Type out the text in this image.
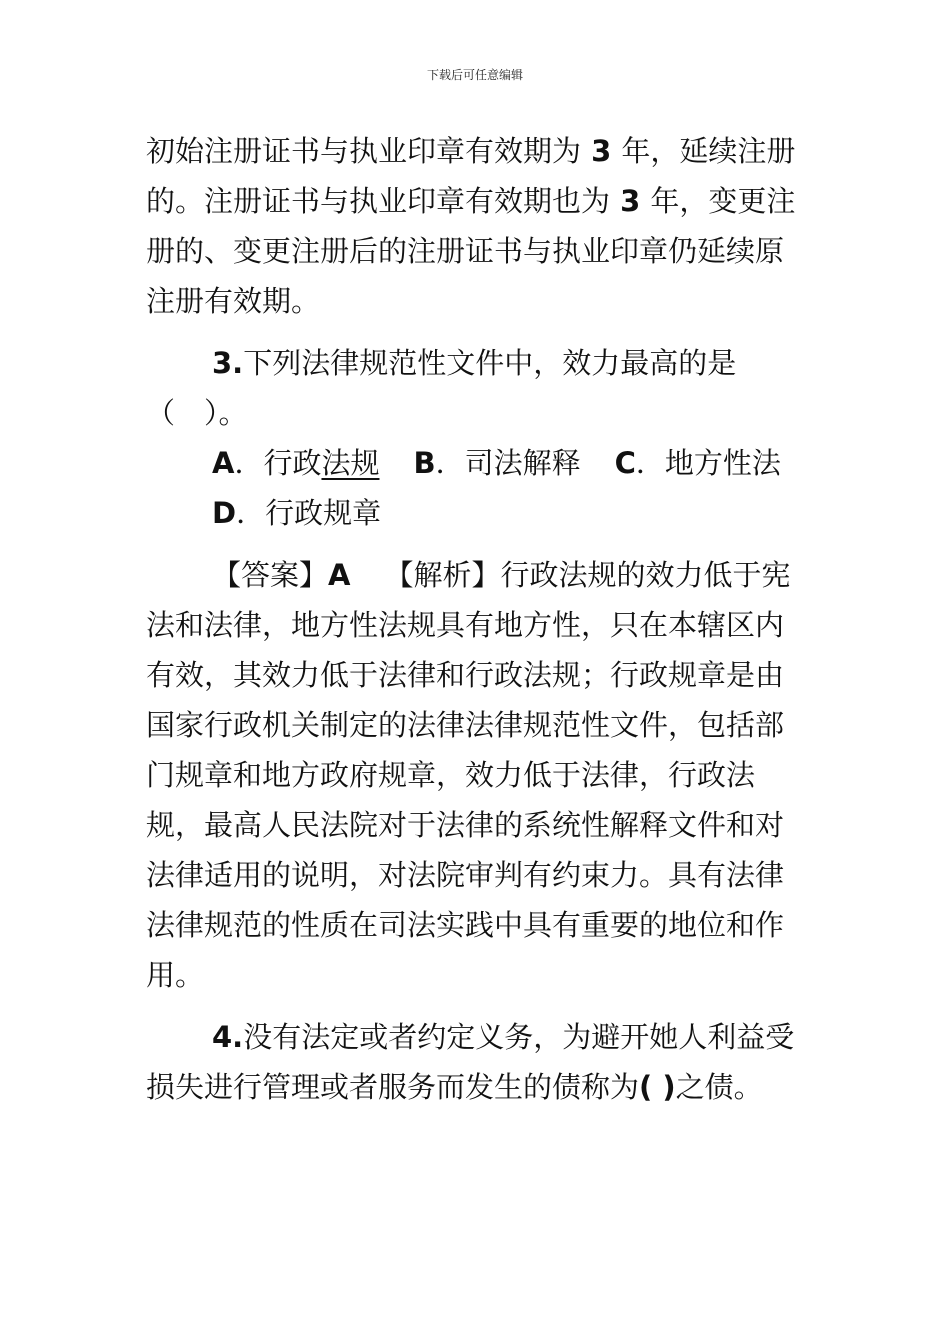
下载后可任意编辑

初始注册证书与执业印章有效期为 3 年，延续注册的。注册证书与执业印章有效期也为 3 年，变更注册的、变更注册后的注册证书与执业印章仍延续原注册有效期。

3.下列法律规范性文件中，效力最高的是（　）。

A．行政法规 B．司法解释 C．地方性法D．行政规章

【答案】A 【解析】行政法规的效力低于宪法和法律，地方性法规具有地方性，只在本辖区内有效，其效力低于法律和行政法规；行政规章是由国家行政机关制定的法律法律规范性文件，包括部门规章和地方政府规章，效力低于法律，行政法规，最高人民法院对于法律的系统性解释文件和对法律适用的说明，对法院审判有约束力。具有法律法律规范的性质在司法实践中具有重要的地位和作用。

4.没有法定或者约定义务，为避开她人利益受损失进行管理或者服务而发生的债称为( )之债。
